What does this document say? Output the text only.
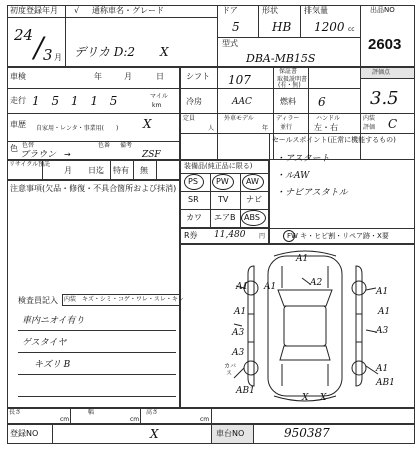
初度登録年月
24 / 3 月
√ 通称車名・グレード
デリカ D:2 X
ドア
5
形状
HB
排気量
1200 cc
型式
DBA-MB15S
出品NO
2603
車検	年	月	日
走行 1 5 1 1 5	マイル
km
車歴 自家用・レンタ・事業用(　　) X
色 色替	色番 備考
ブラウン →	ZSF
シフト 107
保証書
取扱説明書
(有・無)
冷房	AAC	燃料 6
定員
人
外車モデル
年
ディラー
並行
ハンドル
左・右
評価点
3.5
内装
評価 C
リサイクル預託
月 日迄 特有 無
注意事項(欠品・修復・不具合箇所および抹消)
装備品(純正品に限る)
PS PW AW
SR TV ナビ
カワ エアB ABS
R券 11,480 円
セールスポイント(正常に機能するもの)
・アスタート
・ルAW
・ナビアスタトル
FW キ・ヒビ割・リペア跡・X要
検査員記入 内装 キズ・シミ・コゲ・ワレ・スレ・キレ
車内ニオイ有り
ゲスタイヤ
キズリ B
A2
A1 A1	A1
A1
A3
A3
A3
A1
AB1
AB1
A1
X X
A1
カバ
ス
長さ
cm
幅
cm
高さ
cm
登録NO	X	車台NO	950387
